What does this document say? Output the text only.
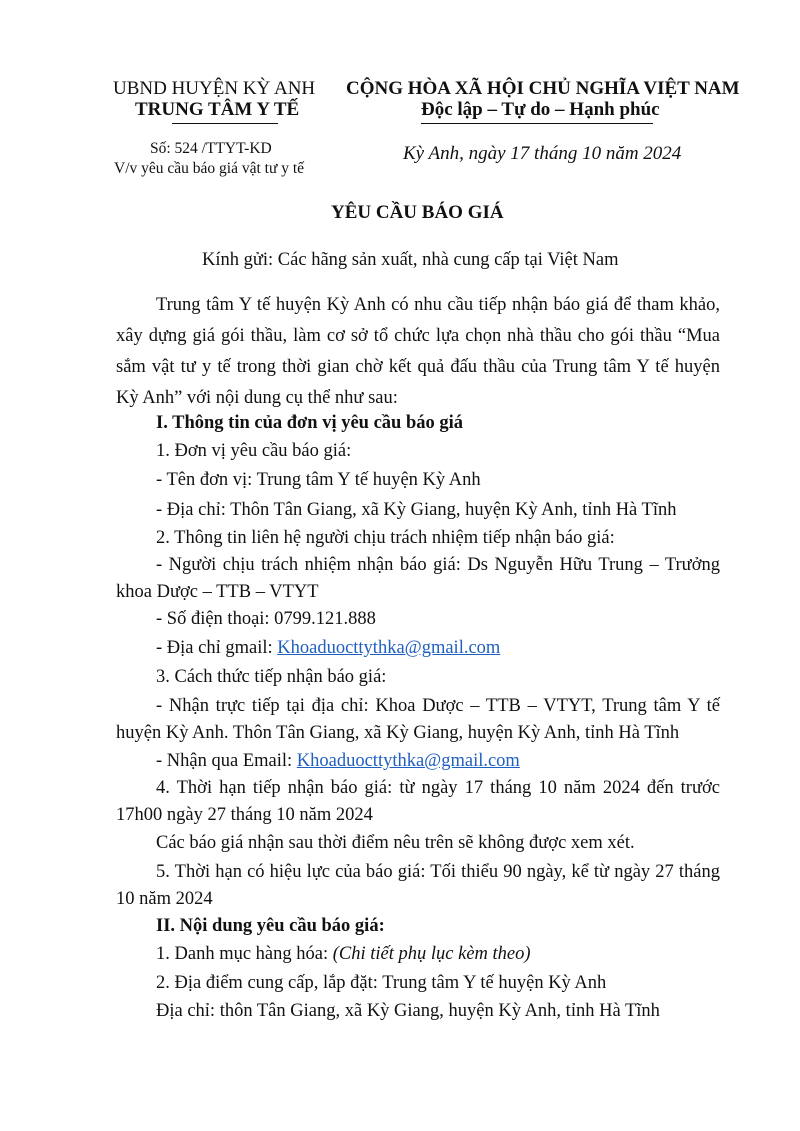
UBND HUYỆN KỲ ANH
TRUNG TÂM Y TẾ
Số: 524 /TTYT-KD
V/v yêu cầu báo giá vật tư y tế
CỘNG HÒA XÃ HỘI CHỦ NGHĨA VIỆT NAM
Độc lập – Tự do – Hạnh phúc
Kỳ Anh, ngày 17 tháng 10 năm 2024
YÊU CẦU BÁO GIÁ
Kính gửi: Các hãng sản xuất, nhà cung cấp tại Việt Nam
Trung tâm Y tế huyện Kỳ Anh có nhu cầu tiếp nhận báo giá để tham khảo,
xây dựng giá gói thầu, làm cơ sở tổ chức lựa chọn nhà thầu cho gói thầu “Mua
sắm vật tư y tế trong thời gian chờ kết quả đấu thầu của Trung tâm Y tế huyện
Kỳ Anh” với nội dung cụ thể như sau:
I. Thông tin của đơn vị yêu cầu báo giá
1. Đơn vị yêu cầu báo giá:
- Tên đơn vị: Trung tâm Y tế huyện Kỳ Anh
- Địa chỉ: Thôn Tân Giang, xã Kỳ Giang, huyện Kỳ Anh, tỉnh Hà Tĩnh
2. Thông tin liên hệ người chịu trách nhiệm tiếp nhận báo giá:
- Người chịu trách nhiệm nhận báo giá: Ds Nguyễn Hữu Trung – Trưởng
khoa Dược – TTB – VTYT
- Số điện thoại: 0799.121.888
- Địa chỉ gmail: Khoaduocttythka@gmail.com
3. Cách thức tiếp nhận báo giá:
- Nhận trực tiếp tại địa chỉ: Khoa Dược – TTB – VTYT, Trung tâm Y tế
huyện Kỳ Anh. Thôn Tân Giang, xã Kỳ Giang, huyện Kỳ Anh, tỉnh Hà Tĩnh
- Nhận qua Email: Khoaduocttythka@gmail.com
4. Thời hạn tiếp nhận báo giá: từ ngày 17 tháng 10 năm 2024 đến trước
17h00 ngày 27 tháng 10 năm 2024
Các báo giá nhận sau thời điểm nêu trên sẽ không được xem xét.
5. Thời hạn có hiệu lực của báo giá: Tối thiểu 90 ngày, kể từ ngày 27 tháng
10 năm 2024
II. Nội dung yêu cầu báo giá:
1. Danh mục hàng hóa: (Chi tiết phụ lục kèm theo)
2. Địa điểm cung cấp, lắp đặt: Trung tâm Y tế huyện Kỳ Anh
Địa chỉ: thôn Tân Giang, xã Kỳ Giang, huyện Kỳ Anh, tỉnh Hà Tĩnh
